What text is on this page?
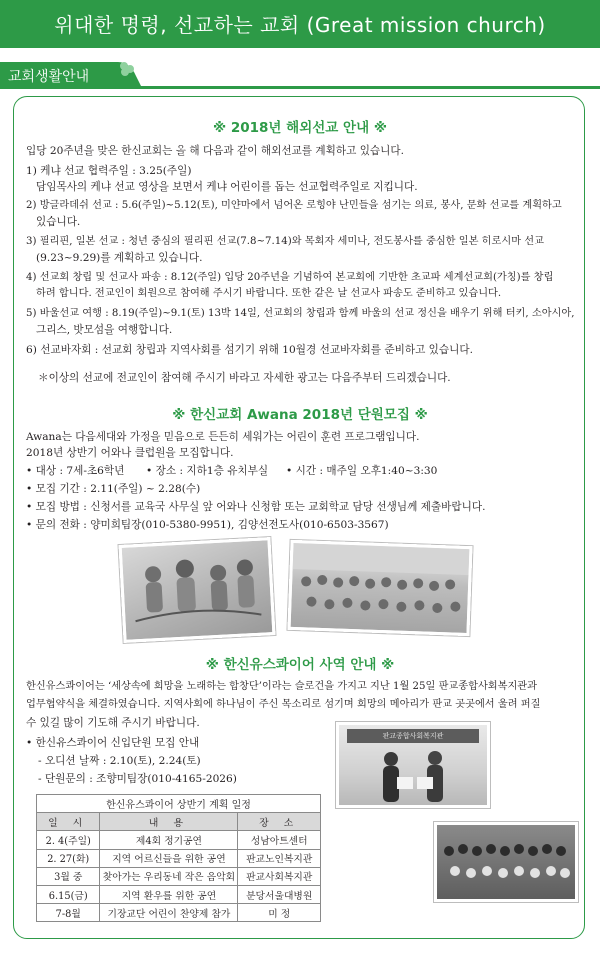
위대한 명령, 선교하는 교회 (Great mission church)
교회생활안내
※ 2018년 해외선교 안내 ※
입당 20주년을 맞은 한신교회는 올 해 다음과 같이 해외선교를 계획하고 있습니다.
1) 케냐 선교 협력주일 : 3.25(주일)
담임목사의 케냐 선교 영상을 보면서 케냐 어린이를 돕는 선교협력주일로 지킵니다.
2) 방글라데쉬 선교 : 5.6(주일)~5.12(토), 미얀마에서 넘어온 로힝야 난민들을 섬기는 의료, 봉사, 문화 선교를 계획하고
있습니다.
3) 필리핀, 일본 선교 : 청년 중심의 필리핀 선교(7.8~7.14)와 목회자 세미나, 전도봉사를 중심한 일본 히로시마 선교
(9.23~9.29)를 계획하고 있습니다.
4) 선교회 창립 및 선교사 파송 : 8.12(주일) 입당 20주년을 기념하여 본교회에 기반한 초교파 세계선교회(가칭)를 창립
하려 합니다. 전교인이 회원으로 참여해 주시기 바랍니다. 또한 같은 날 선교사 파송도 준비하고 있습니다.
5) 바울선교 여행 : 8.19(주일)~9.1(토) 13박 14일, 선교회의 창립과 함께 바울의 선교 정신을 배우기 위해 터키, 소아시아,
그리스, 밧모섬을 여행합니다.
6) 선교바자회 : 선교회 창립과 지역사회를 섬기기 위해 10월경 선교바자회를 준비하고 있습니다.
＊이상의 선교에 전교인이 참여해 주시기 바라고 자세한 광고는 다음주부터 드리겠습니다.
※ 한신교회 Awana 2018년 단원모집 ※
Awana는 다음세대와 가정을 믿음으로 든든히 세워가는 어린이 훈련 프로그램입니다.
2018년 상반기 어와나 클럽원을 모집합니다.
• 대상 : 7세-초6학년 • 장소 : 지하1층 유치부실 • 시간 : 매주일 오후1:40~3:30
• 모집 기간 : 2.11(주일) ~ 2.28(수)
• 모집 방법 : 신청서를 교육국 사무실 앞 어와나 신청함 또는 교회학교 담당 선생님께 제출바랍니다.
• 문의 전화 : 양미희팀장(010-5380-9951), 김양선전도사(010-6503-3567)
※ 한신유스콰이어 사역 안내 ※
한신유스콰이어는 ‘세상속에 희망을 노래하는 합창단’이라는 슬로건을 가지고 지난 1월 25일 판교종합사회복지관과
업무협약식을 체결하였습니다. 지역사회에 하나님이 주신 목소리로 섬기며 희망의 메아리가 판교 곳곳에서 울려 퍼질
수 있길 많이 기도해 주시기 바랍니다.
• 한신유스콰이어 신입단원 모집 안내
- 오디션 날짜 : 2.10(토), 2.24(토)
- 단원문의 : 조향미팀장(010-4165-2026)
판교종합사회복지관
한신유스콰이어 상반기 계획 일정		
일 시	내 용	장 소
2. 4(주일)	제4회 정기공연	성남아트센터
2. 27(화)	지역 어르신들을 위한 공연	판교노인복지관
3월 중	찾아가는 우리동네 작은 음악회	판교사회복지관
6.15(금)	지역 환우를 위한 공연	분당서울대병원
7-8월	기장교단 어린이 찬양제 참가	미 정
